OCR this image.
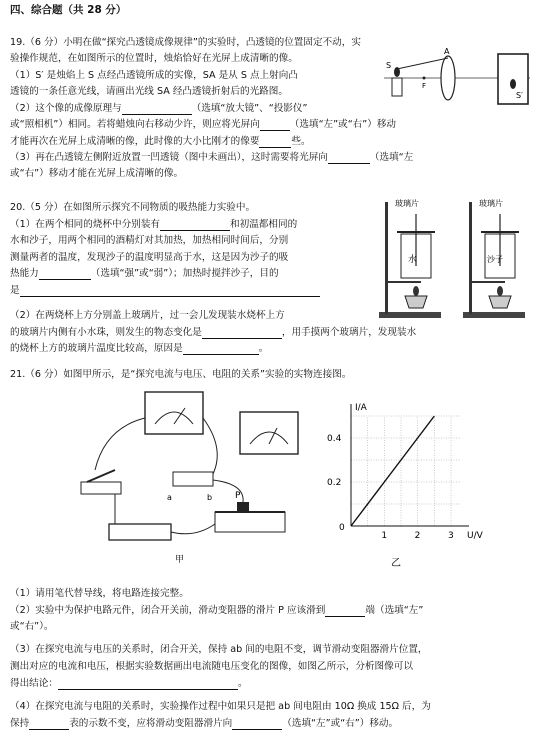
四、综合题（共 28 分）
19.（6 分）小明在做“探究凸透镜成像规律”的实验时，凸透镜的位置固定不动，实
验操作规范，在如图所示的位置时，烛焰恰好在光屏上成清晰的像。
（1）S′ 是烛焰上 S 点经凸透镜所成的实像，SA 是从 S 点上射向凸
透镜的一条任意光线，请画出光线 SA 经凸透镜折射后的光路图。
（2）这个像的成像原理与	（选填“放大镜”、“投影仪”
或“照相机”）相同。若将蜡烛向右移动少许，则应将光屏向	（选填“左”或“右”）移动
才能再次在光屏上成清晰的像，此时像的大小比刚才的像要	些。
（3）再在凸透镜左侧附近放置一凹透镜（图中未画出），这时需要将光屏向	（选填“左
或“右”）移动才能在光屏上成清晰的像。
S
A
F
S′
20.（5 分）在如图所示探究不同物质的吸热能力实验中。
（1）在两个相同的烧杯中分别装有	和初温都相同的
水和沙子，用两个相同的酒精灯对其加热，加热相同时间后，分别
测量两者的温度，发现沙子的温度明显高于水，这是因为沙子的吸
热能力	（选填“强”或“弱”）；加热时搅拌沙子，目的
是
（2）在两烧杯上方分别盖上玻璃片，过一会儿发现装水烧杯上方
的玻璃片内侧有小水珠，则发生的物态变化是	，用手摸两个玻璃片，发现装水
的烧杯上方的玻璃片温度比较高，原因是	。
玻璃片
水
玻璃片
沙子
21.（6 分）如图甲所示，是“探究电流与电压、电阻的关系”实验的实物连接图。
a	b	P
甲
1	2	3
0.2
0.4
0
U/V
I/A
乙
（1）请用笔代替导线，将电路连接完整。
（2）实验中为保护电路元件，闭合开关前，滑动变阻器的滑片 P 应该滑到	端（选填“左”
或“右”）。
（3）在探究电流与电压的关系时，闭合开关，保持 ab 间的电阻不变，调节滑动变阻器滑片位置，
测出对应的电流和电压，根据实验数据画出电流随电压变化的图像，如图乙所示，分析图像可以
得出结论：	。
（4）在探究电流与电阻的关系时，实验操作过程中如果只是把 ab 间电阻由 10Ω 换成 15Ω 后，为
保持	表的示数不变，应将滑动变阻器滑片向	（选填“左”或“右”）移动。
